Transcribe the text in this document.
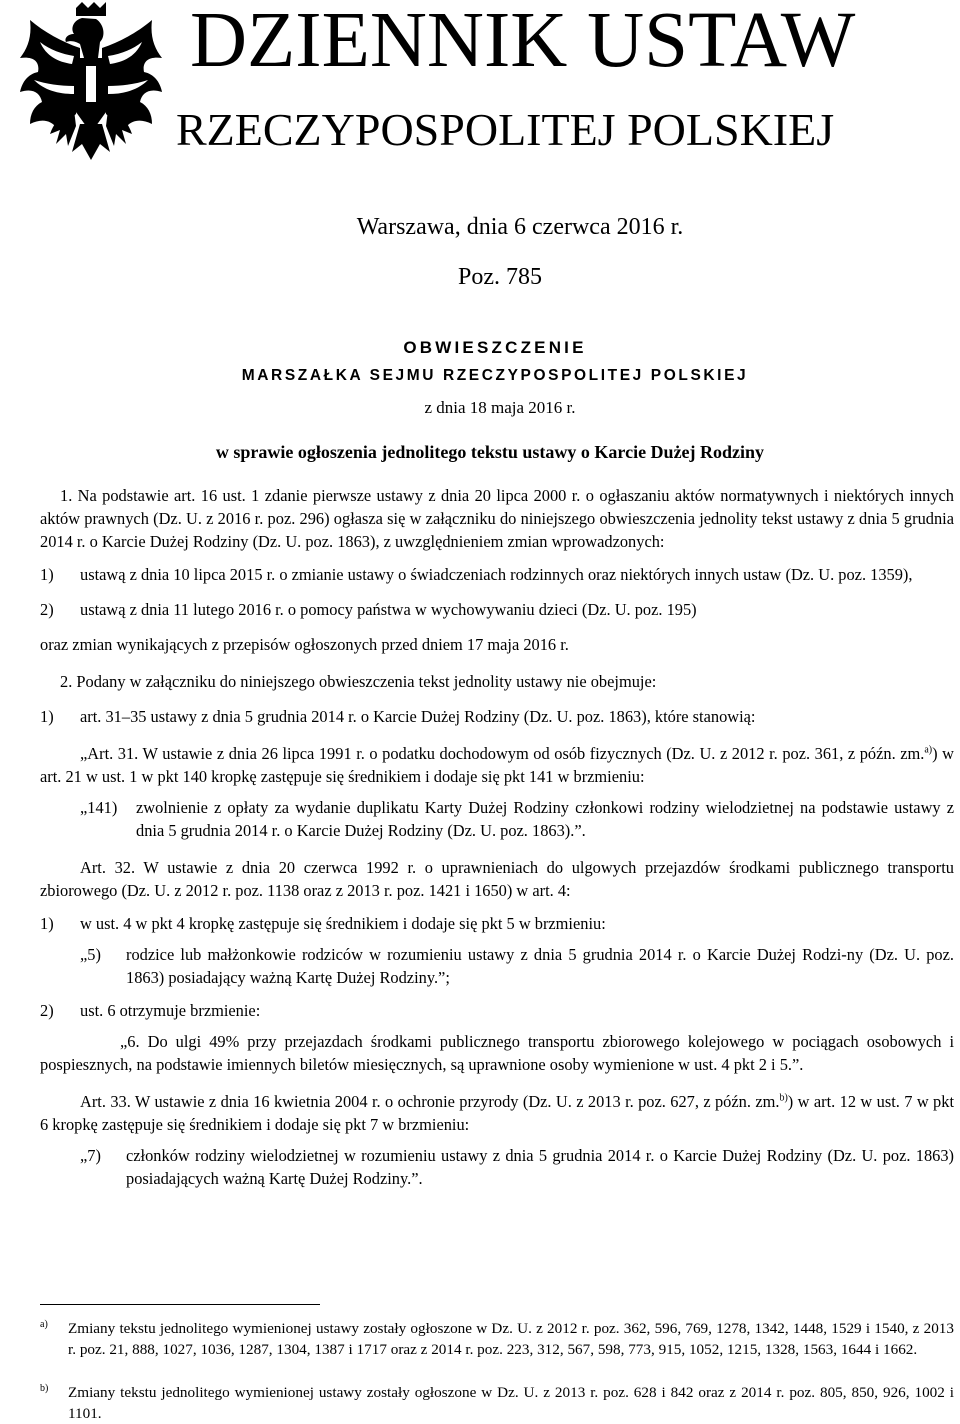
DZIENNIK USTAW
RZECZYPOSPOLITEJ POLSKIEJ
Warszawa, dnia 6 czerwca 2016 r.
Poz. 785
OBWIESZCZENIE
MARSZAŁKA SEJMU RZECZYPOSPOLITEJ POLSKIEJ
z dnia 18 maja 2016 r.
w sprawie ogłoszenia jednolitego tekstu ustawy o Karcie Dużej Rodziny

1. Na podstawie art. 16 ust. 1 zdanie pierwsze ustawy z dnia 20 lipca 2000 r. o ogłaszaniu aktów normatywnych i niektórych innych aktów prawnych (Dz. U. z 2016 r. poz. 296) ogłasza się w załączniku do niniejszego obwieszczenia jednolity tekst ustawy z dnia 5 grudnia 2014 r. o Karcie Dużej Rodziny (Dz. U. poz. 1863), z uwzględnieniem zmian wprowadzonych:

1)	ustawą z dnia 10 lipca 2015 r. o zmianie ustawy o świadczeniach rodzinnych oraz niektórych innych ustaw (Dz. U. poz. 1359),
2)	ustawą z dnia 11 lutego 2016 r. o pomocy państwa w wychowywaniu dzieci (Dz. U. poz. 195)

oraz zmian wynikających z przepisów ogłoszonych przed dniem 17 maja 2016 r.

2. Podany w załączniku do niniejszego obwieszczenia tekst jednolity ustawy nie obejmuje:

1)	art. 31–35 ustawy z dnia 5 grudnia 2014 r. o Karcie Dużej Rodziny (Dz. U. poz. 1863), które stanowią:

„Art. 31. W ustawie z dnia 26 lipca 1991 r. o podatku dochodowym od osób fizycznych (Dz. U. z 2012 r. poz. 361, z późn. zm.$^{a)}$) w art. 21 w ust. 1 w pkt 140 kropkę zastępuje się średnikiem i dodaje się pkt 141 w brzmieniu:

„141)	zwolnienie z opłaty za wydanie duplikatu Karty Dużej Rodziny członkowi rodziny wielodzietnej na podstawie ustawy z dnia 5 grudnia 2014 r. o Karcie Dużej Rodziny (Dz. U. poz. 1863).”.

Art. 32. W ustawie z dnia 20 czerwca 1992 r. o uprawnieniach do ulgowych przejazdów środkami publicznego transportu zbiorowego (Dz. U. z 2012 r. poz. 1138 oraz z 2013 r. poz. 1421 i 1650) w art. 4:

1)	w ust. 4 w pkt 4 kropkę zastępuje się średnikiem i dodaje się pkt 5 w brzmieniu:
„5)	rodzice lub małżonkowie rodziców w rozumieniu ustawy z dnia 5 grudnia 2014 r. o Karcie Dużej Rodzi-ny (Dz. U. poz. 1863) posiadający ważną Kartę Dużej Rodziny.”;
2)	ust. 6 otrzymuje brzmienie:

„6. Do ulgi 49% przy przejazdach środkami publicznego transportu zbiorowego kolejowego w pociągach osobowych i pospiesznych, na podstawie imiennych biletów miesięcznych, są uprawnione osoby wymienione w ust. 4 pkt 2 i 5.”.

Art. 33. W ustawie z dnia 16 kwietnia 2004 r. o ochronie przyrody (Dz. U. z 2013 r. poz. 627, z późn. zm.$^{b)}$) w art. 12 w ust. 7 w pkt 6 kropkę zastępuje się średnikiem i dodaje się pkt 7 w brzmieniu:

„7)	członków rodziny wielodzietnej w rozumieniu ustawy z dnia 5 grudnia 2014 r. o Karcie Dużej Rodziny (Dz. U. poz. 1863) posiadających ważną Kartę Dużej Rodziny.”.
a)	Zmiany tekstu jednolitego wymienionej ustawy zostały ogłoszone w Dz. U. z 2012 r. poz. 362, 596, 769, 1278, 1342, 1448, 1529 i 1540, z 2013 r. poz. 21, 888, 1027, 1036, 1287, 1304, 1387 i 1717 oraz z 2014 r. poz. 223, 312, 567, 598, 773, 915, 1052, 1215, 1328, 1563, 1644 i 1662.
b)	Zmiany tekstu jednolitego wymienionej ustawy zostały ogłoszone w Dz. U. z 2013 r. poz. 628 i 842 oraz z 2014 r. poz. 805, 850, 926, 1002 i 1101.
